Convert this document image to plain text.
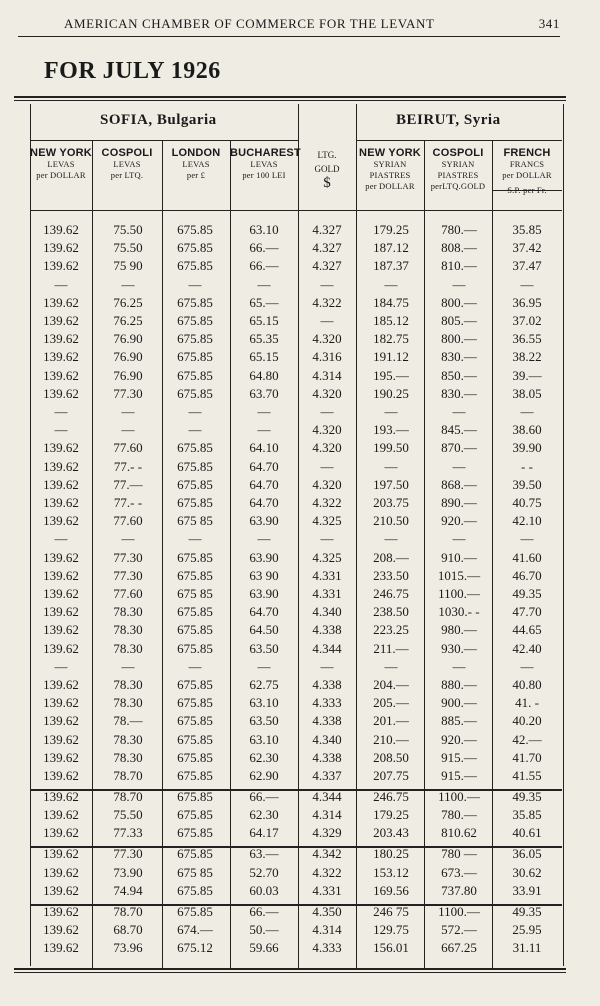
AMERICAN CHAMBER OF COMMERCE FOR THE LEVANT	341
FOR JULY 1926
SOFIA, Bulgaria	BEIRUT, Syria
NEW YORK
LEVAS
per DOLLAR
COSPOLI
LEVAS
per LTQ.
LONDON
LEVAS
per £
BUCHAREST
LEVAS
per 100 LEI
LTG.
GOLD
$
NEW YORK
SYRIAN
PIASTRES
per DOLLAR
COSPOLI
SYRIAN
PIASTRES
perLTQ.GOLD
FRENCH
FRANCS
per DOLLAR
S.P. per Fr.
139.62	75.50	675.85	63.10	4.327	179.25	780.—	35.85
139.62	75.50	675.85	66.—	4.327	187.12	808.—	37.42
139.62	75 90	675.85	66.—	4.327	187.37	810.—	37.47
—	—	—	—	—	—	—	—
139.62	76.25	675.85	65.—	4.322	184.75	800.—	36.95
139.62	76.25	675.85	65.15	—	185.12	805.—	37.02
139.62	76.90	675.85	65.35	4.320	182.75	800.—	36.55
139.62	76.90	675.85	65.15	4.316	191.12	830.—	38.22
139.62	76.90	675.85	64.80	4.314	195.—	850.—	39.—
139.62	77.30	675.85	63.70	4.320	190.25	830.—	38.05
—	—	—	—	—	—	—	—
—	—	—	—	4.320	193.—	845.—	38.60
139.62	77.60	675.85	64.10	4.320	199.50	870.—	39.90
139.62	77.- -	675.85	64.70	—	—	—	- -
139.62	77.—	675.85	64.70	4.320	197.50	868.—	39.50
139.62	77.- -	675.85	64.70	4.322	203.75	890.—	40.75
139.62	77.60	675 85	63.90	4.325	210.50	920.—	42.10
—	—	—	—	—	—	—	—
139.62	77.30	675.85	63.90	4.325	208.—	910.—	41.60
139.62	77.30	675.85	63 90	4.331	233.50	1015.—	46.70
139.62	77.60	675 85	63.90	4.331	246.75	1100.—	49.35
139.62	78.30	675.85	64.70	4.340	238.50	1030.- -	47.70
139.62	78.30	675.85	64.50	4.338	223.25	980.—	44.65
139.62	78.30	675.85	63.50	4.344	211.—	930.—	42.40
—	—	—	—	—	—	—	—
139.62	78.30	675.85	62.75	4.338	204.—	880.—	40.80
139.62	78.30	675.85	63.10	4.333	205.—	900.—	41. -
139.62	78.—	675.85	63.50	4.338	201.—	885.—	40.20
139.62	78.30	675.85	63.10	4.340	210.—	920.—	42.—
139.62	78.30	675.85	62.30	4.338	208.50	915.—	41.70
139.62	78.70	675.85	62.90	4.337	207.75	915.—	41.55
139.62	78.70	675.85	66.—	4.344	246.75	1100.—	49.35
139.62	75.50	675.85	62.30	4.314	179.25	780.—	35.85
139.62	77.33	675.85	64.17	4.329	203.43	810.62	40.61
139.62	77.30	675.85	63.—	4.342	180.25	780 —	36.05
139.62	73.90	675 85	52.70	4.322	153.12	673.—	30.62
139.62	74.94	675.85	60.03	4.331	169.56	737.80	33.91
139.62	78.70	675.85	66.—	4.350	246 75	1100.—	49.35
139.62	68.70	674.—	50.—	4.314	129.75	572.—	25.95
139.62	73.96	675.12	59.66	4.333	156.01	667.25	31.11
